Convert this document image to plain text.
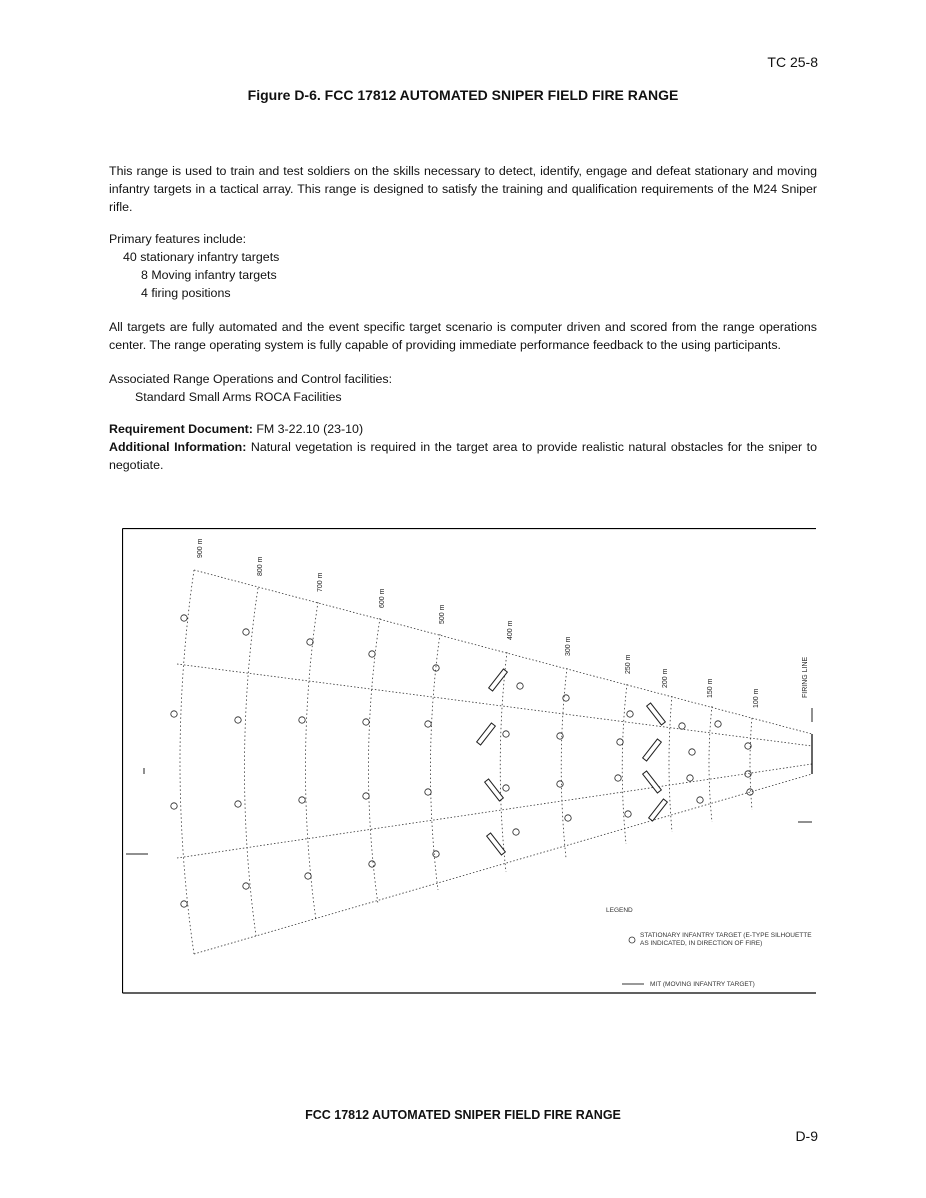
TC 25-8
Figure D-6. FCC 17812 AUTOMATED SNIPER FIELD FIRE RANGE
This range is used to train and test soldiers on the skills necessary to detect, identify, engage and defeat stationary and moving infantry targets in a tactical array. This range is designed to satisfy the training and qualification requirements of the M24 Sniper rifle.
Primary features include:
40 stationary infantry targets
8 Moving infantry targets
4 firing positions
All targets are fully automated and the event specific target scenario is computer driven and scored from the range operations center. The range operating system is fully capable of providing immediate performance feedback to the using participants.
Associated Range Operations and Control facilities:
Standard Small Arms ROCA Facilities
Requirement Document: FM 3-22.10 (23-10)
Additional Information: Natural vegetation is required in the target area to provide realistic natural obstacles for the sniper to negotiate.
900 m
800 m
700 m
600 m
500 m
400 m
300 m
250 m
200 m
150 m
100 m
FIRING LINE
LEGEND
STATIONARY INFANTRY TARGET (E-TYPE SILHOUETTE AS INDICATED, IN DIRECTION OF FIRE)
MIT (MOVING INFANTRY TARGET)
FCC 17812 AUTOMATED SNIPER FIELD FIRE RANGE
D-9
